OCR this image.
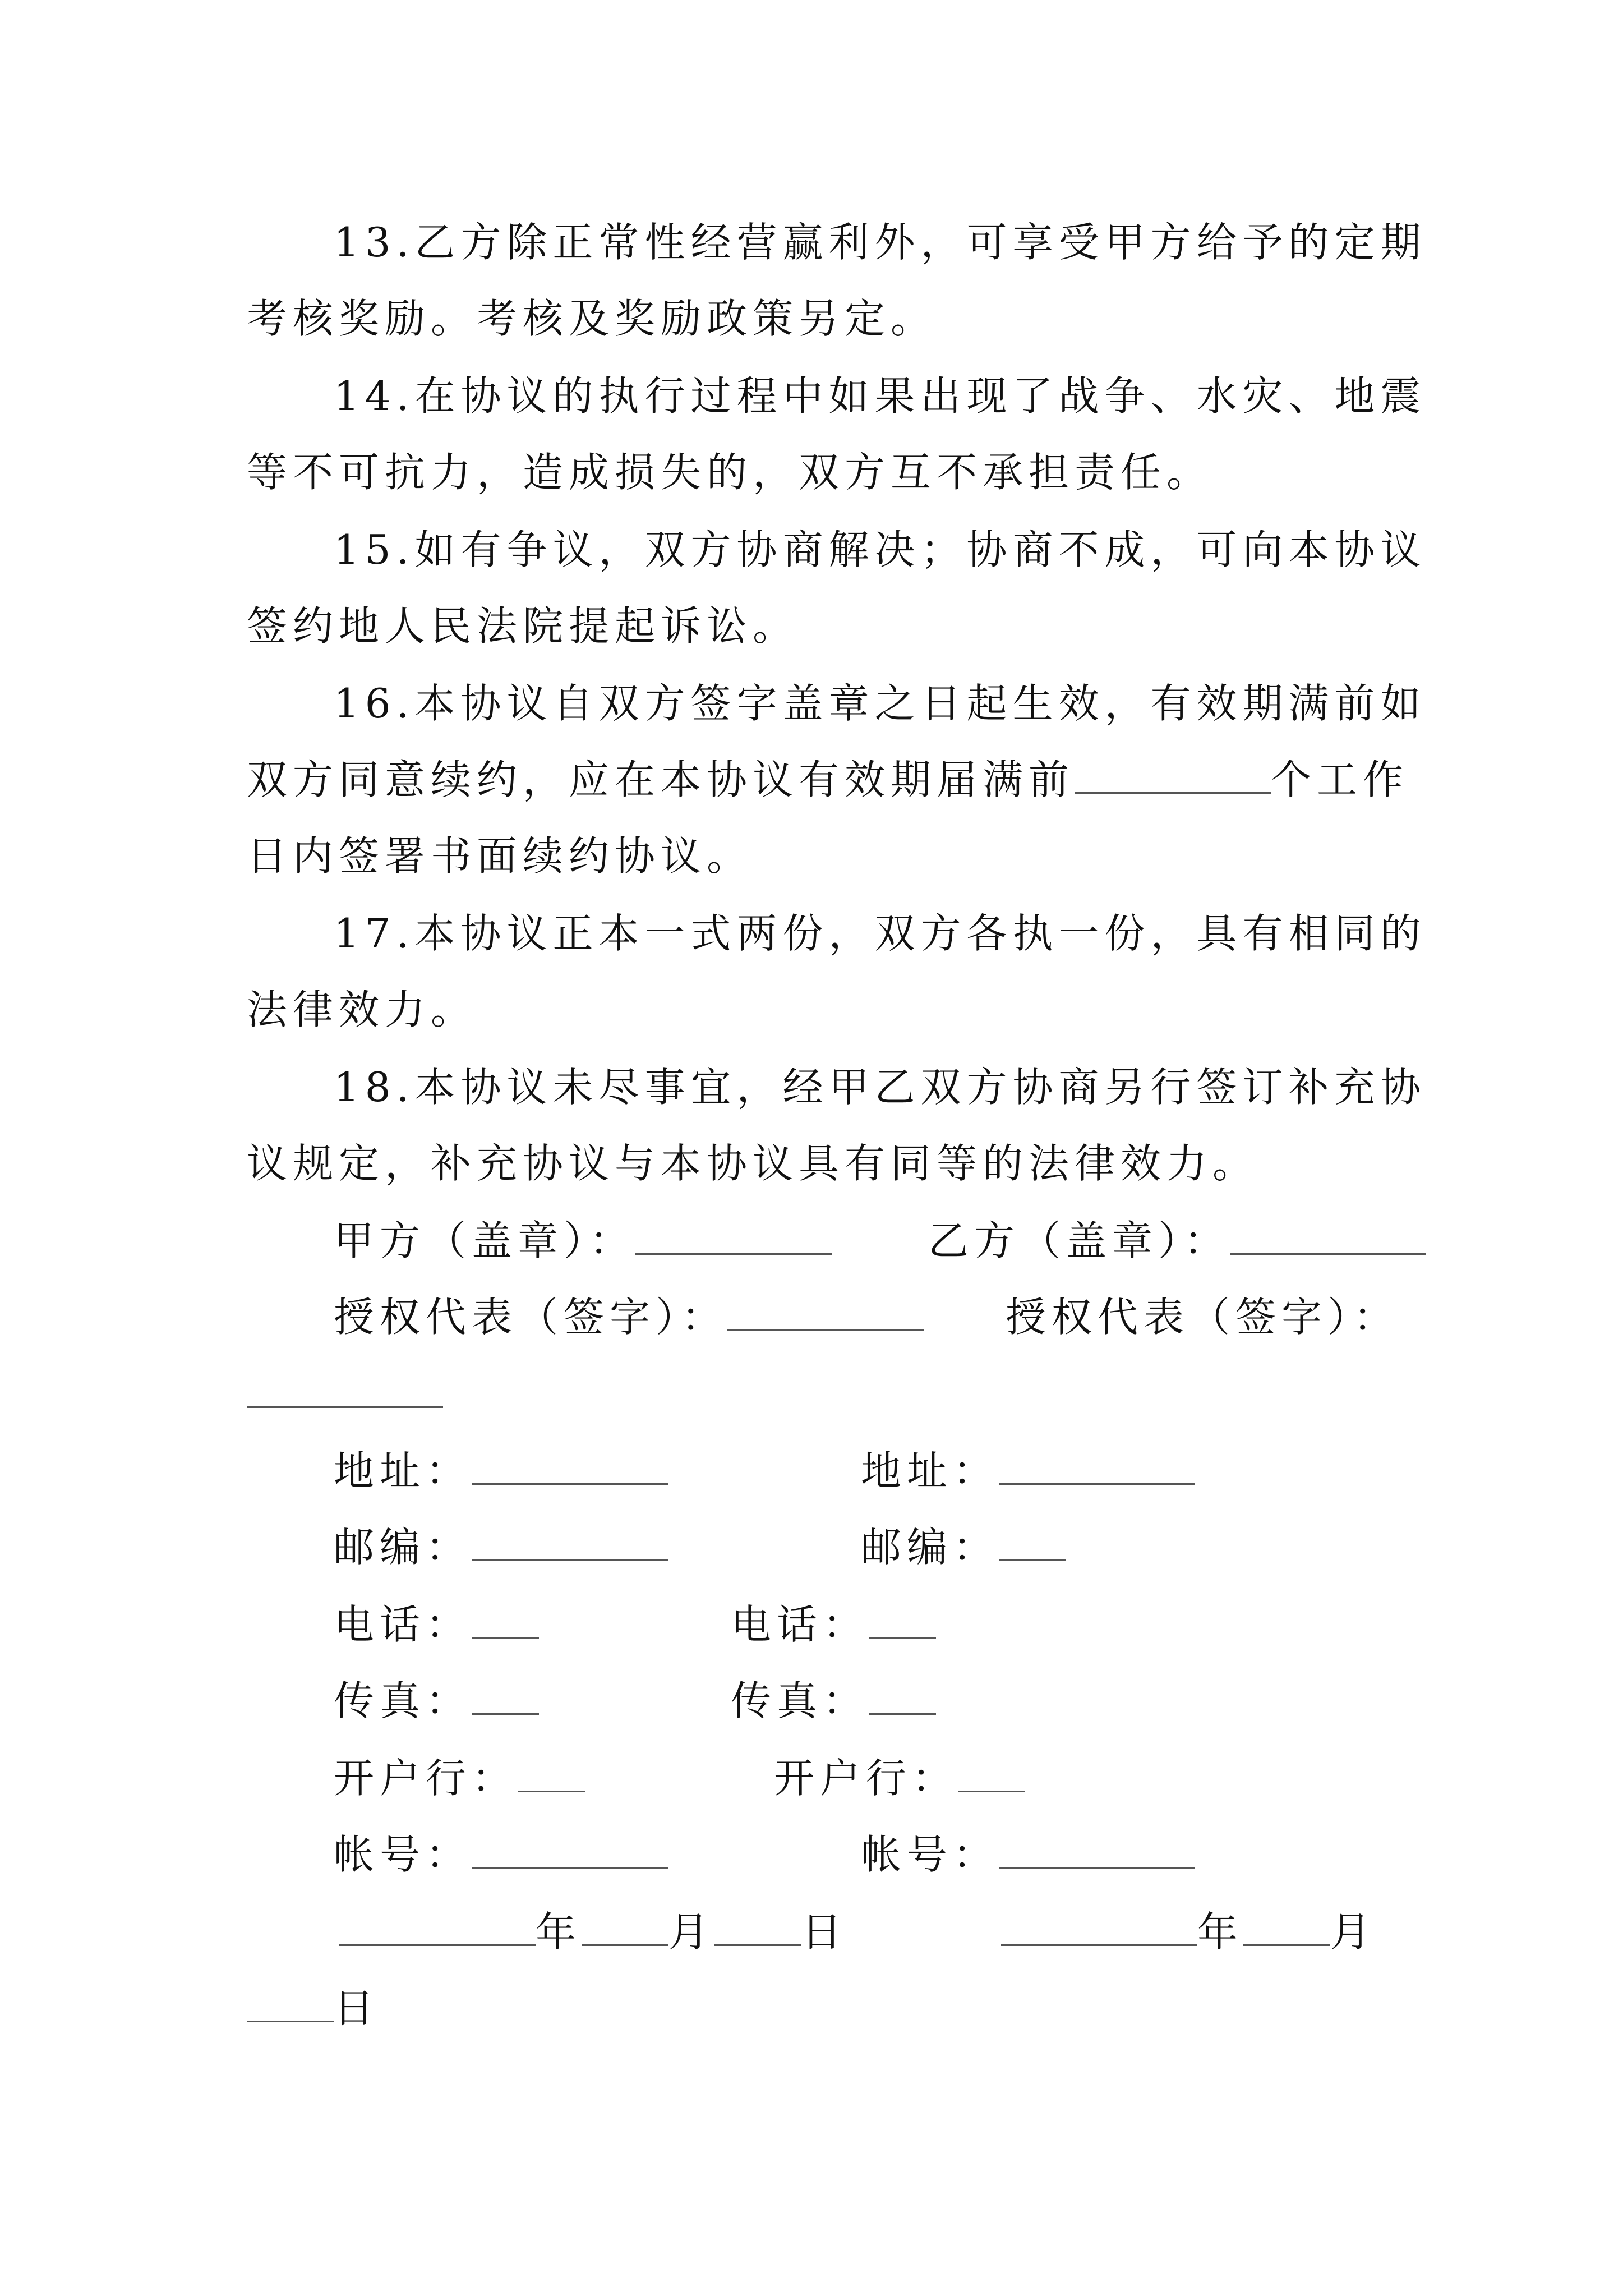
13.乙方除正常性经营赢利外，可享受甲方给予的定期
考核奖励。考核及奖励政策另定。
14.在协议的执行过程中如果出现了战争、水灾、地震
等不可抗力，造成损失的，双方互不承担责任。
15.如有争议，双方协商解决；协商不成，可向本协议
签约地人民法院提起诉讼。
16.本协议自双方签字盖章之日起生效，有效期满前如
双方同意续约，应在本协议有效期届满前	个工作
日内签署书面续约协议。
17.本协议正本一式两份，双方各执一份，具有相同的
法律效力。
18.本协议未尽事宜，经甲乙双方协商另行签订补充协
议规定，补充协议与本协议具有同等的法律效力。
甲方（盖章）：	乙方（盖章）：
授权代表（签字）：	授权代表（签字）：
地址：	地址：
邮编：	邮编：
电话：	电话：
传真：	传真：
开户行：	开户行：
帐号：	帐号：
年 月 日	年 月
日
